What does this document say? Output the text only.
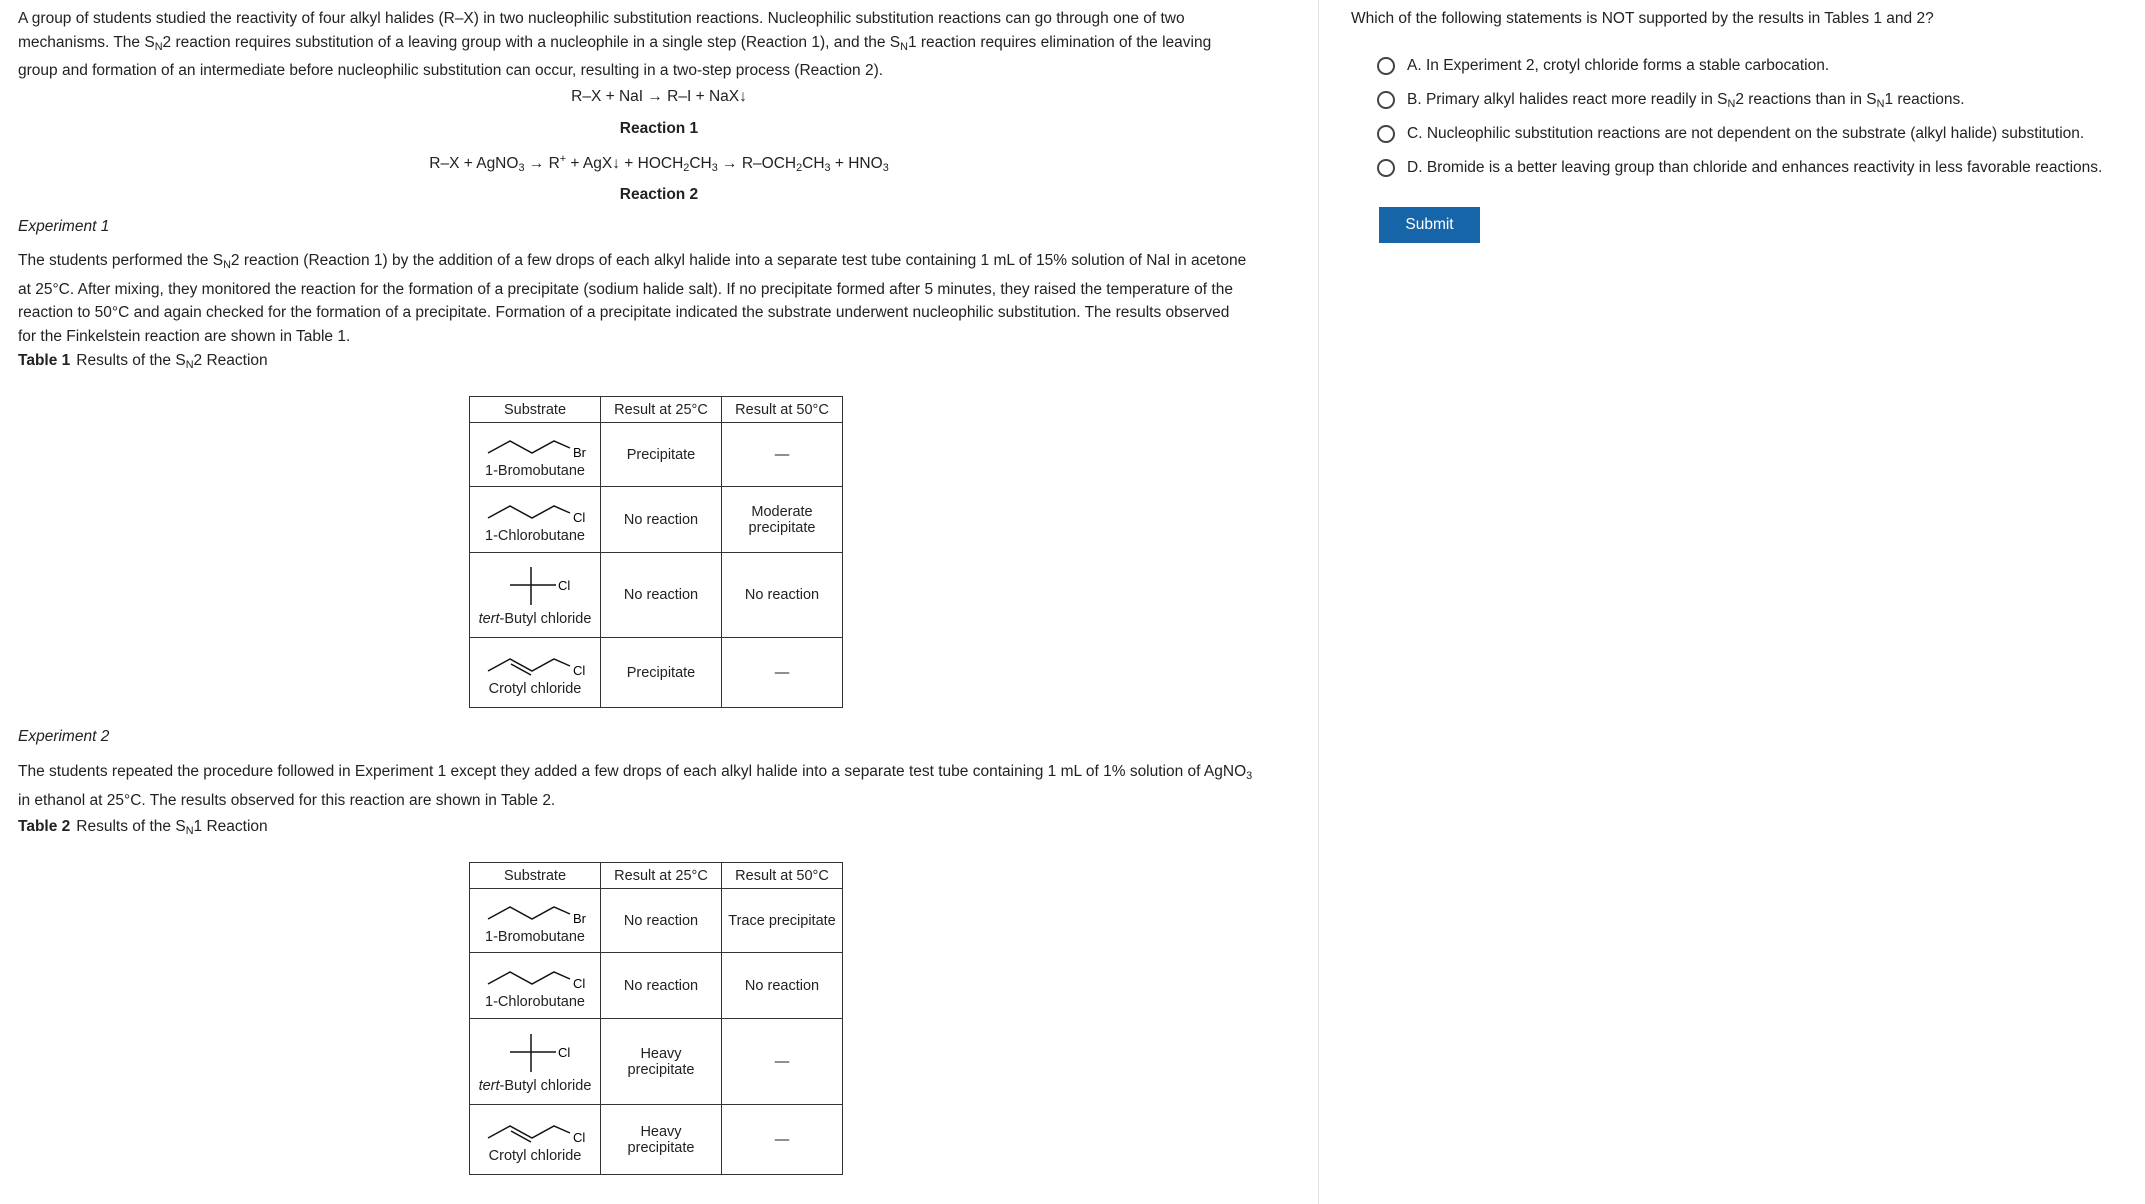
A group of students studied the reactivity of four alkyl halides (R–X) in two nucleophilic substitution reactions. Nucleophilic substitution reactions can go through one of two
mechanisms. The $S_N2$ reaction requires substitution of a leaving group with a nucleophile in a single step (Reaction 1), and the $S_N1$ reaction requires elimination of the leaving
group and formation of an intermediate before nucleophilic substitution can occur, resulting in a two-step process (Reaction 2).

R–X + NaI → R–I + NaX↓
Reaction 1
R–X + AgNO$_3$ → R+ + AgX↓ + $HOCH_2CH_3 \to R-OCH_2CH_3 + HNO_3$
Reaction 2
Experiment 1

The students performed the $S_N2$ reaction (Reaction 1) by the addition of a few drops of each alkyl halide into a separate test tube containing 1 mL of 15% solution of NaI in acetone
at 25°C. After mixing, they monitored the reaction for the formation of a precipitate (sodium halide salt). If no precipitate formed after 5 minutes, they raised the temperature of the
reaction to 50°C and again checked for the formation of a precipitate. Formation of a precipitate indicated the substrate underwent nucleophilic substitution. The results observed
for the Finkelstein reaction are shown in Table 1.

Table 1 Results of the $S_N2$ Reaction
Substrate	Result at 25°C	Result at 50°C

Br
1-Bromobutane	Precipitate	—

Cl
1-Chlorobutane	No reaction	Moderate precipitate

Cl
tert-Butyl chloride	No reaction	No reaction

Cl
Crotyl chloride	Precipitate	—
Experiment 2

The students repeated the procedure followed in Experiment 1 except they added a few drops of each alkyl halide into a separate test tube containing 1 mL of 1% solution of AgNO$_3$
in ethanol at 25°C. The results observed for this reaction are shown in Table 2.

Table 2 Results of the $S_N1$ Reaction
Substrate	Result at 25°C	Result at 50°C

Br
1-Bromobutane	No reaction	Trace precipitate

Cl
1-Chlorobutane	No reaction	No reaction

Cl
tert-Butyl chloride	Heavy precipitate	—

Cl
Crotyl chloride	Heavy precipitate	—
Which of the following statements is NOT supported by the results in Tables 1 and 2?
A.
In Experiment 2, crotyl chloride forms a stable carbocation.
B.
Primary alkyl halides react more readily in $S_N2$ reactions than in $S_N1$ reactions.
C.
Nucleophilic substitution reactions are not dependent on the substrate (alkyl halide) substitution.
D.
Bromide is a better leaving group than chloride and enhances reactivity in less favorable reactions.
Submit
